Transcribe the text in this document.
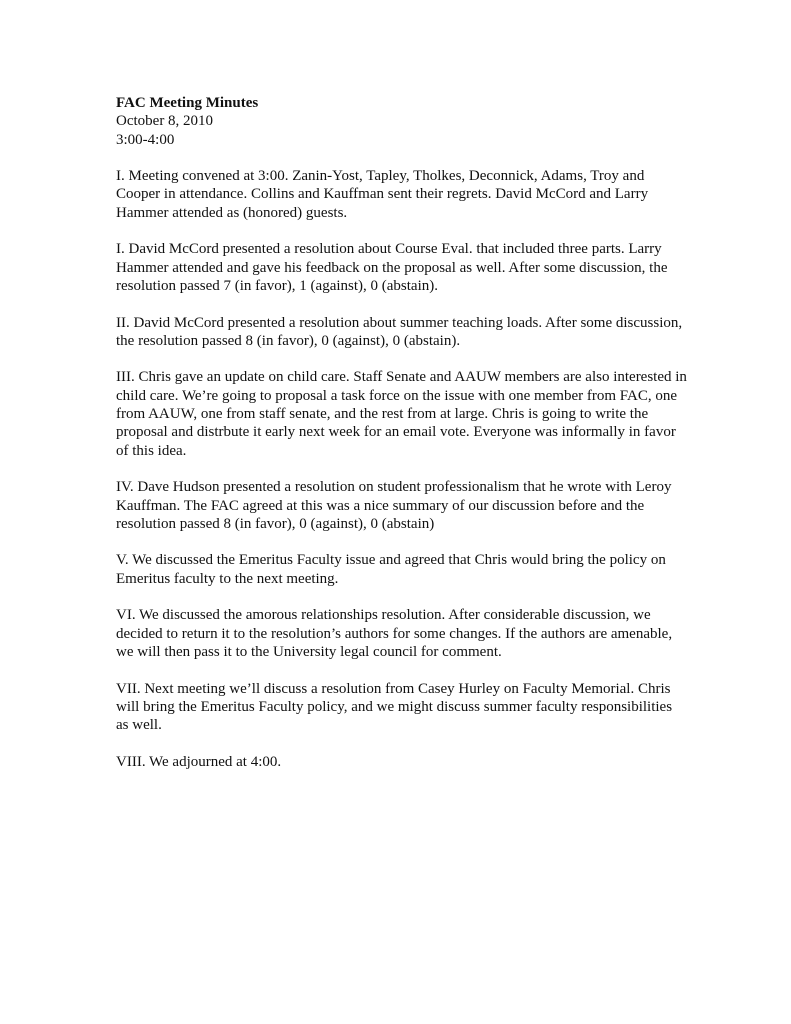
FAC Meeting Minutes

October 8, 2010

3:00-4:00

I. Meeting convened at 3:00. Zanin-Yost, Tapley, Tholkes, Deconnick, Adams, Troy and Cooper in attendance. Collins and Kauffman sent their regrets. David McCord and Larry Hammer attended as (honored) guests.

I. David McCord presented a resolution about Course Eval. that included three parts. Larry Hammer attended and gave his feedback on the proposal as well. After some discussion, the resolution passed 7 (in favor), 1 (against), 0 (abstain).

II. David McCord presented a resolution about summer teaching loads. After some discussion, the resolution passed 8 (in favor), 0 (against), 0 (abstain).

III. Chris gave an update on child care. Staff Senate and AAUW members are also interested in child care. We’re going to proposal a task force on the issue with one member from FAC, one from AAUW, one from staff senate, and the rest from at large. Chris is going to write the proposal and distrbute it early next week for an email vote. Everyone was informally in favor of this idea.

IV. Dave Hudson presented a resolution on student professionalism that he wrote with Leroy Kauffman. The FAC agreed at this was a nice summary of our discussion before and the resolution passed 8 (in favor), 0 (against), 0 (abstain)

V. We discussed the Emeritus Faculty issue and agreed that Chris would bring the policy on Emeritus faculty to the next meeting.

VI. We discussed the amorous relationships resolution. After considerable discussion, we decided to return it to the resolution’s authors for some changes. If the authors are amenable, we will then pass it to the University legal council for comment.

VII. Next meeting we’ll discuss a resolution from Casey Hurley on Faculty Memorial. Chris will bring the Emeritus Faculty policy, and we might discuss summer faculty responsibilities as well.

VIII. We adjourned at 4:00.
